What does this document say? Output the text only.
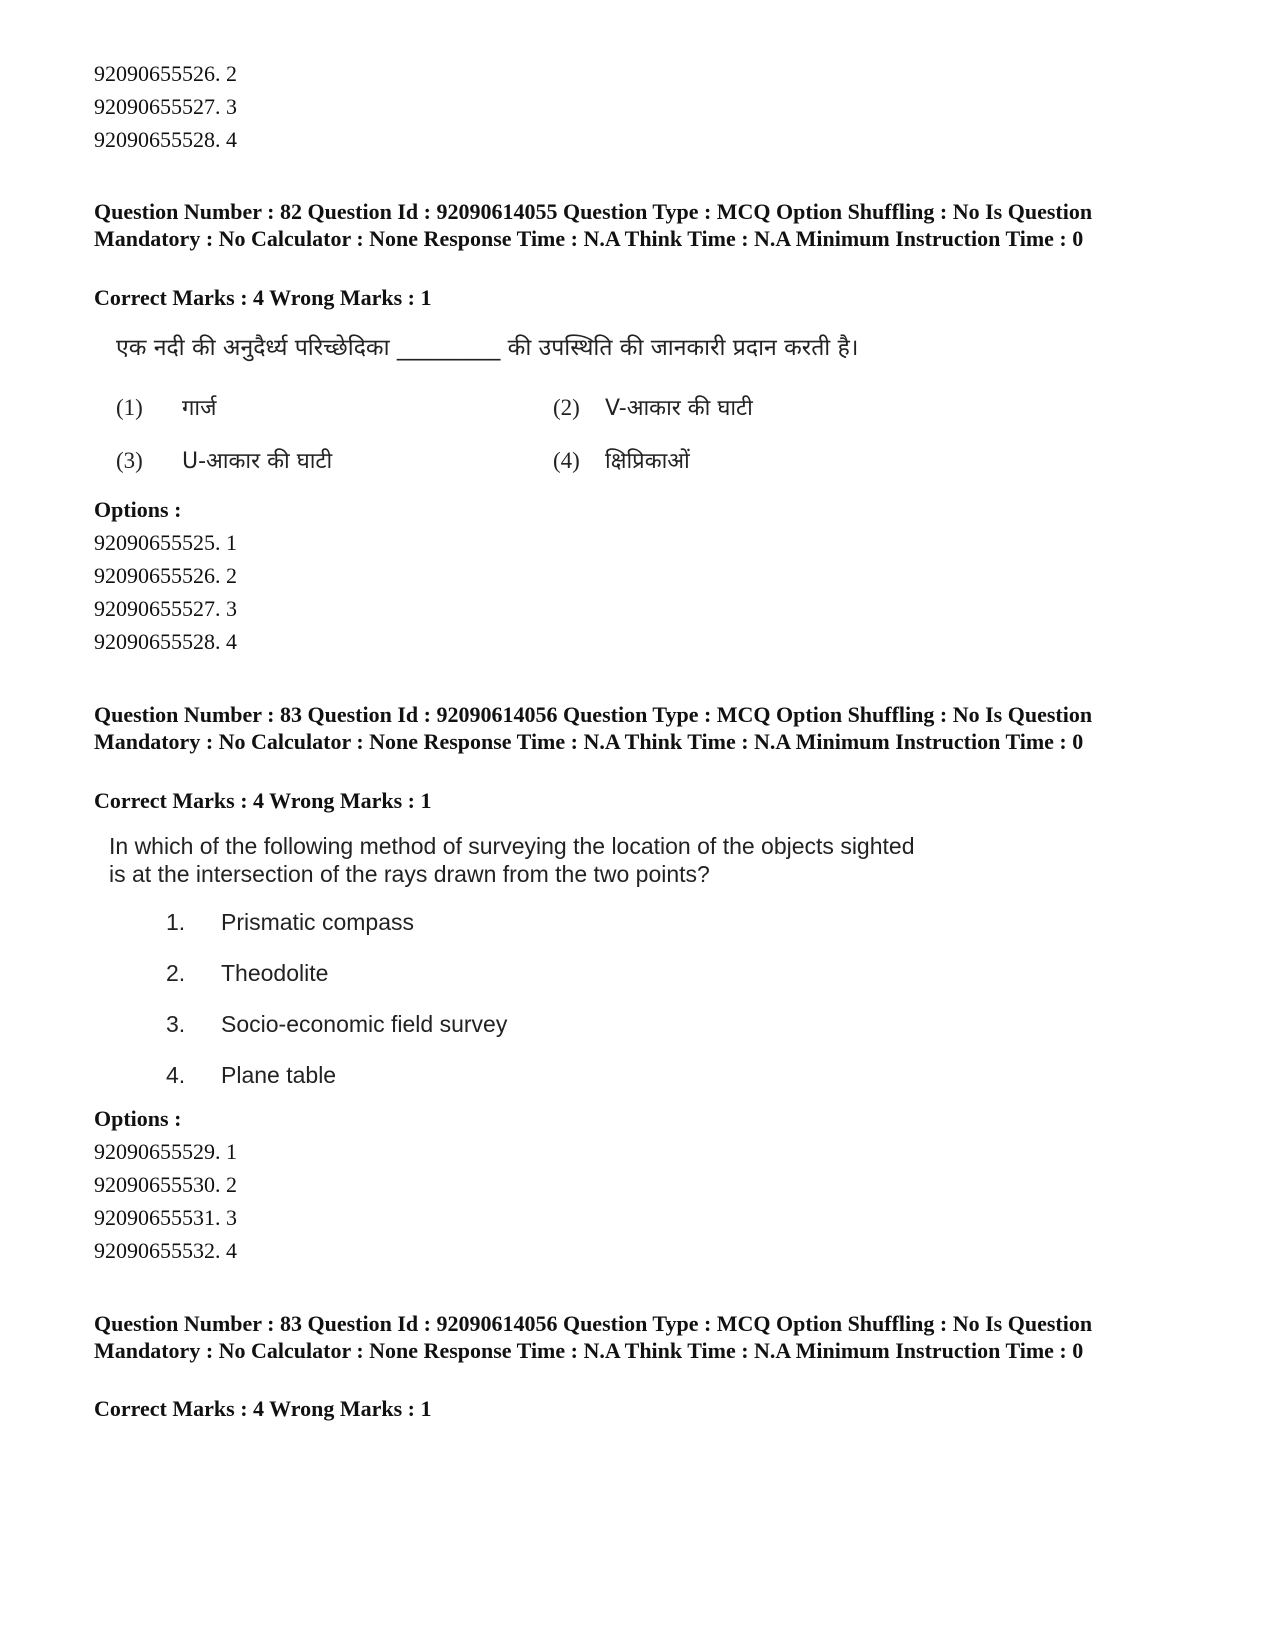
92090655526. 2
92090655527. 3
92090655528. 4
Question Number : 82 Question Id : 92090614055 Question Type : MCQ Option Shuffling : No Is Question Mandatory : No Calculator : None Response Time : N.A Think Time : N.A Minimum Instruction Time : 0
Correct Marks : 4 Wrong Marks : 1
एक नदी की अनुदैर्ध्य परिच्छेदिका _________ की उपस्थिति की जानकारी प्रदान करती है।
(1) गार्ज	(2) V-आकार की घाटी
(3) U-आकार की घाटी	(4) क्षिप्रिकाओं
Options :
92090655525. 1
92090655526. 2
92090655527. 3
92090655528. 4
Question Number : 83 Question Id : 92090614056 Question Type : MCQ Option Shuffling : No Is Question Mandatory : No Calculator : None Response Time : N.A Think Time : N.A Minimum Instruction Time : 0
Correct Marks : 4 Wrong Marks : 1
In which of the following method of surveying the location of the objects sighted
is at the intersection of the rays drawn from the two points?
1. Prismatic compass
2. Theodolite
3. Socio-economic field survey
4. Plane table
Options :
92090655529. 1
92090655530. 2
92090655531. 3
92090655532. 4
Question Number : 83 Question Id : 92090614056 Question Type : MCQ Option Shuffling : No Is Question Mandatory : No Calculator : None Response Time : N.A Think Time : N.A Minimum Instruction Time : 0
Correct Marks : 4 Wrong Marks : 1
